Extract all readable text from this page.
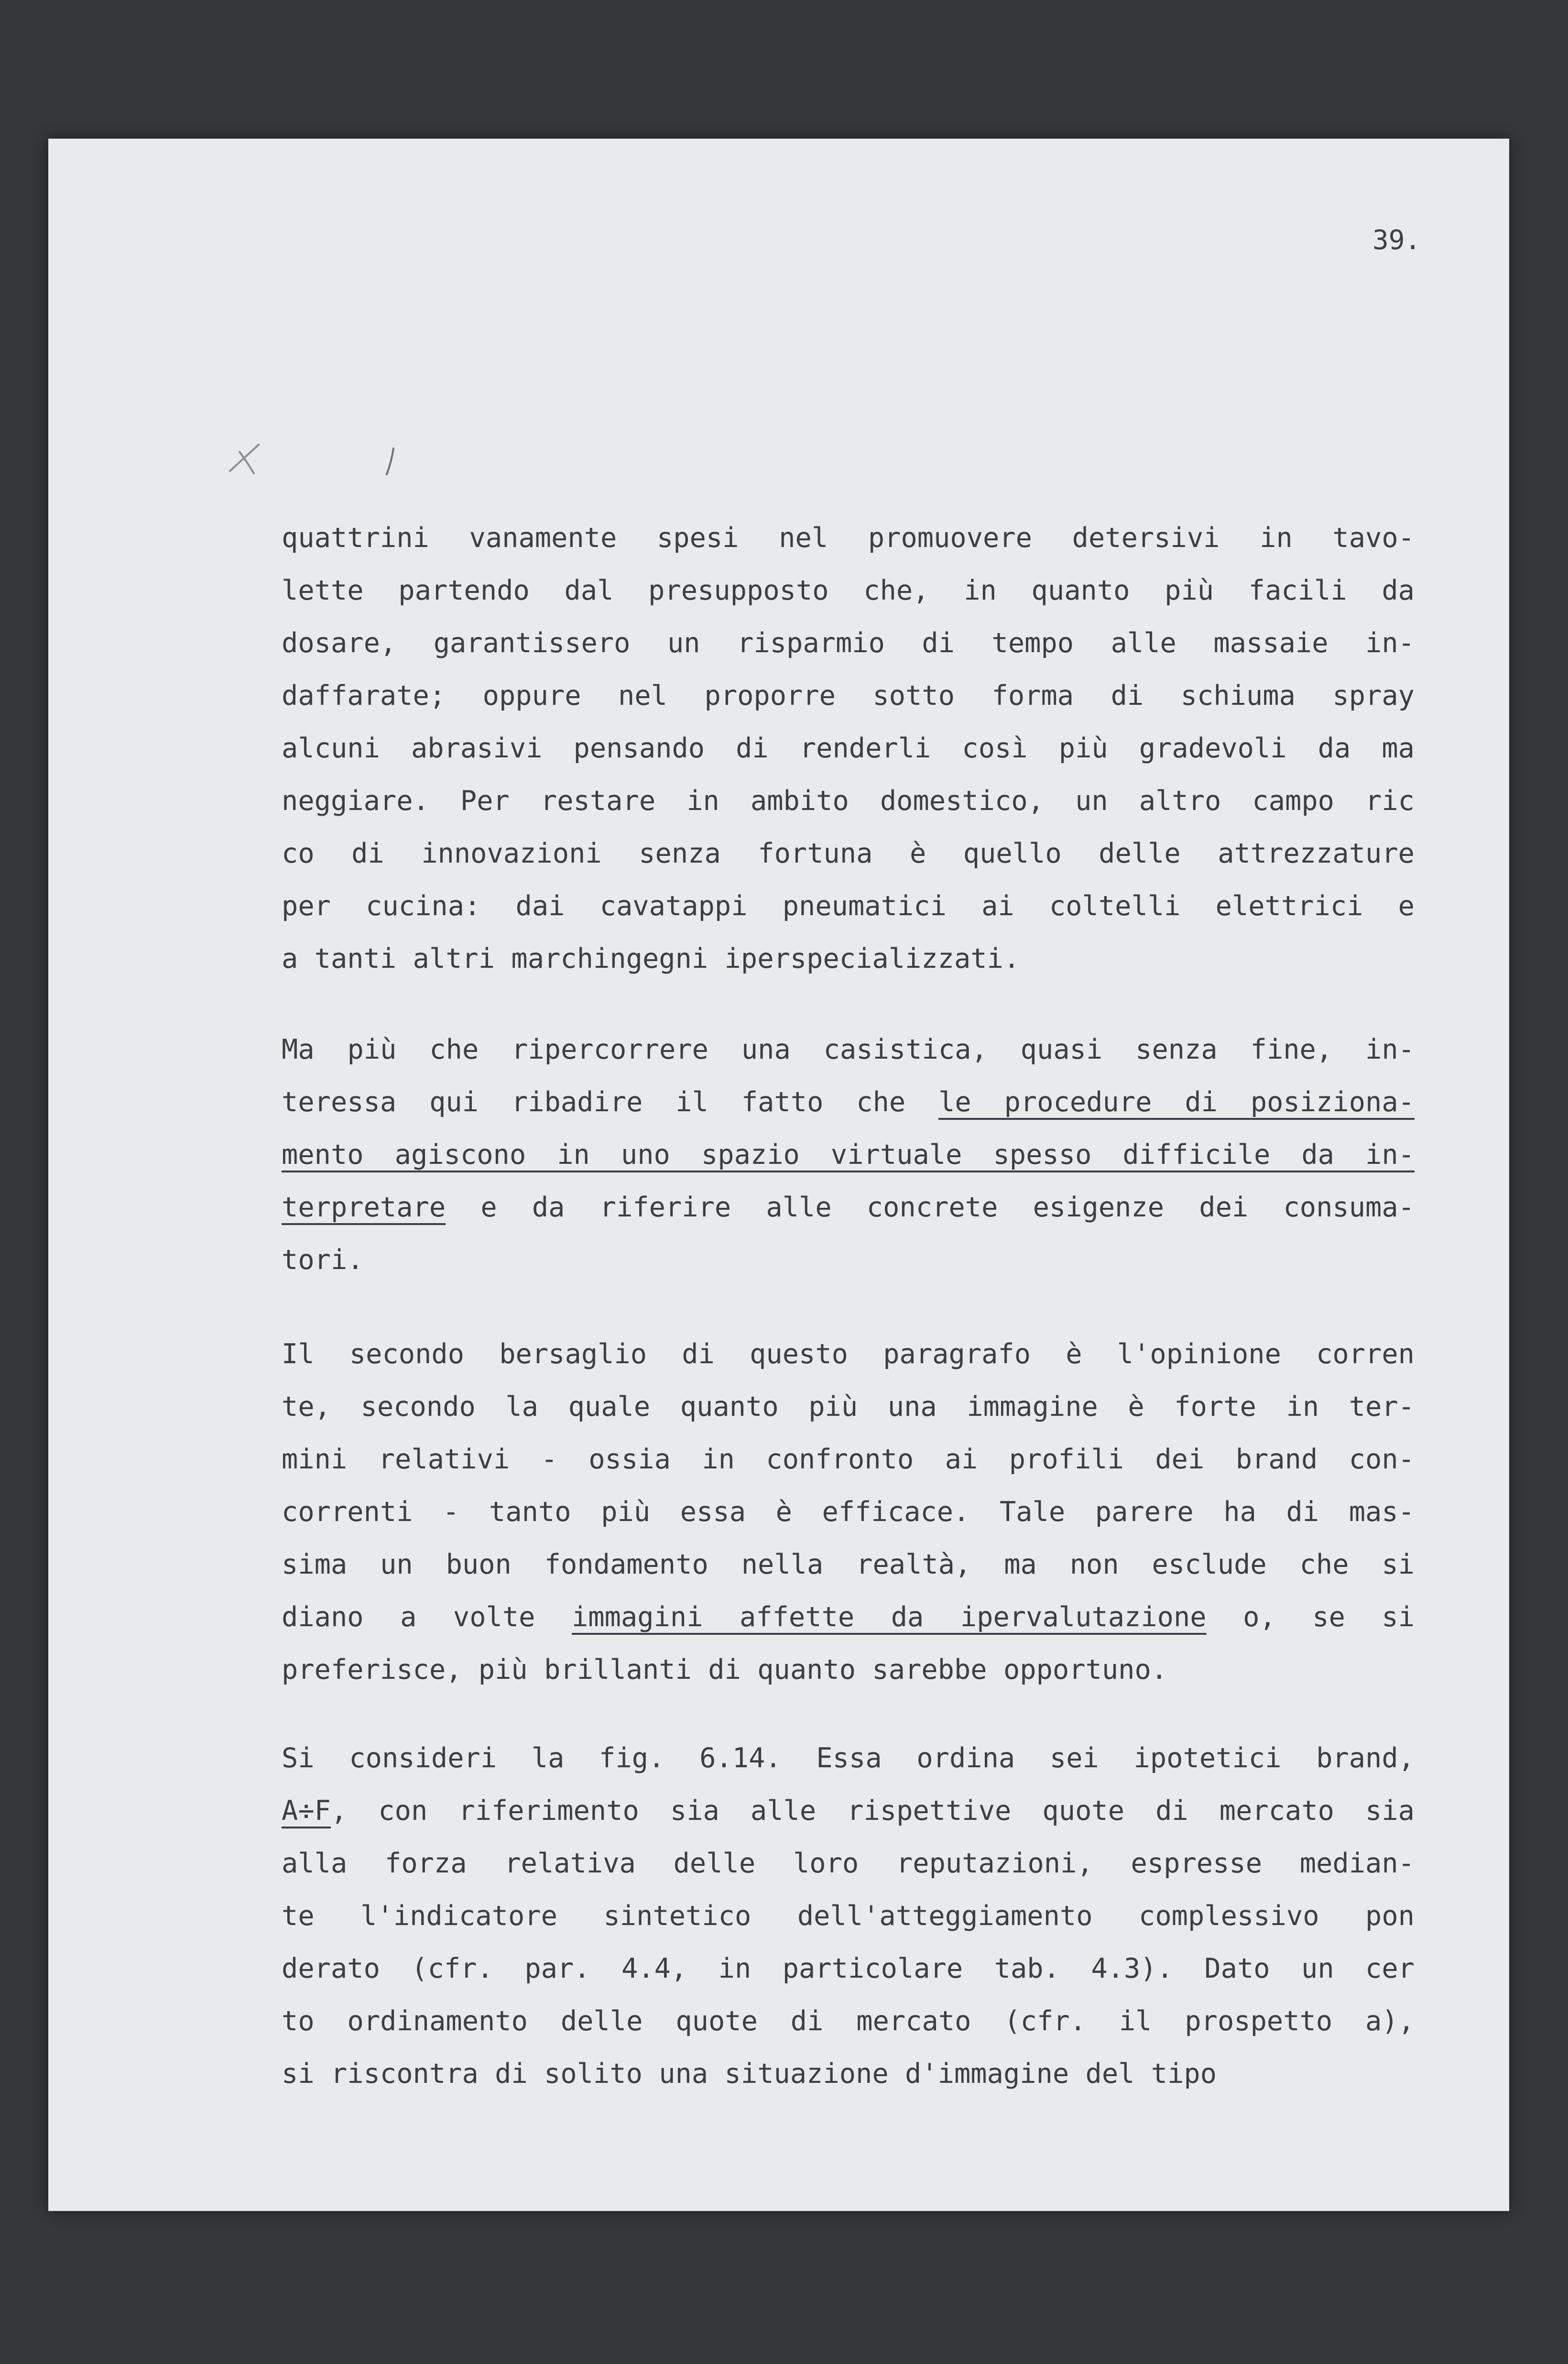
39.
quattrini vanamente spesi nel promuovere detersivi in tavo-
lette partendo dal presupposto che, in quanto più facili da
dosare, garantissero un risparmio di tempo alle massaie in-
daffarate; oppure nel proporre sotto forma di schiuma spray
alcuni abrasivi pensando di renderli così più gradevoli da ma
neggiare. Per restare in ambito domestico, un altro campo ric
co di innovazioni senza fortuna è quello delle attrezzature
per cucina: dai cavatappi pneumatici ai coltelli elettrici e
a tanti altri marchingegni iperspecializzati.
Ma più che ripercorrere una casistica, quasi senza fine, in-
teressa qui ribadire il fatto che le procedure di posiziona-
mento agiscono in uno spazio virtuale spesso difficile da in-
terpretare e da riferire alle concrete esigenze dei consuma-
tori.
Il secondo bersaglio di questo paragrafo è l'opinione corren
te, secondo la quale quanto più una immagine è forte in ter-
mini relativi - ossia in confronto ai profili dei brand con-
correnti - tanto più essa è efficace. Tale parere ha di mas-
sima un buon fondamento nella realtà, ma non esclude che si
diano a volte immagini affette da ipervalutazione o, se si
preferisce, più brillanti di quanto sarebbe opportuno.
Si consideri la fig. 6.14. Essa ordina sei ipotetici brand,
A÷F, con riferimento sia alle rispettive quote di mercato sia
alla forza relativa delle loro reputazioni, espresse median-
te l'indicatore sintetico dell'atteggiamento complessivo pon
derato (cfr. par. 4.4, in particolare tab. 4.3). Dato un cer
to ordinamento delle quote di mercato (cfr. il prospetto a),
si riscontra di solito una situazione d'immagine del tipo
